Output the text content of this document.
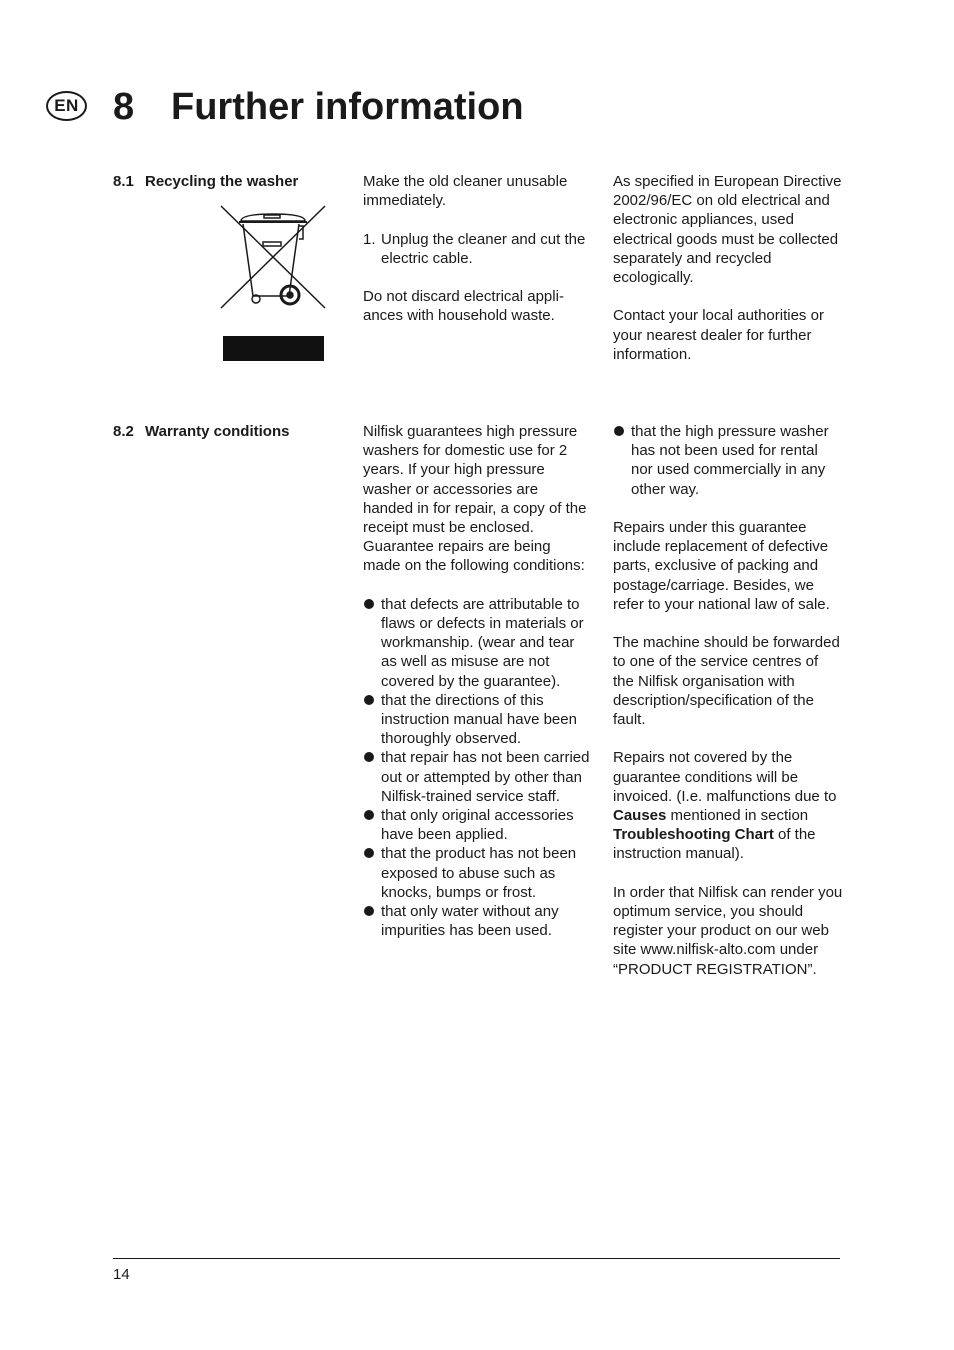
EN 8 Further information
8.1 Recycling the washer	Make the old cleaner unusable immediately.

1. Unplug the cleaner and cut the electric cable.

Do not discard electrical appliances with household waste.

As specified in European Directive 2002/96/EC on old electrical and electronic appliances, used electrical goods must be collected separately and recycled ecologically.

Contact your local authorities or your nearest dealer for further information.

8.2 Warranty conditions	Nilfisk guarantees high pressure washers for domestic use for 2 years. If your high pressure washer or accessories are handed in for repair, a copy of the receipt must be enclosed. Guarantee repairs are being made on the following conditions:

that defects are attributable to flaws or defects in materials or workmanship. (wear and tear as well as misuse are not covered by the guarantee).
that the directions of this instruction manual have been thoroughly observed.
that repair has not been carried out or attempted by other than Nilfisk-trained service staff.
that only original accessories have been applied.
that the product has not been exposed to abuse such as knocks, bumps or frost.
that only water without any impurities has been used.
that the high pressure washer has not been used for rental nor used commercially in any other way.

Repairs under this guarantee include replacement of defective parts, exclusive of packing and postage/carriage. Besides, we refer to your national law of sale.

The machine should be forwarded to one of the service centres of the Nilfisk organisation with description/specification of the fault.

Repairs not covered by the guarantee conditions will be invoiced. (I.e. malfunctions due to Causes mentioned in section Troubleshooting Chart of the instruction manual).

In order that Nilfisk can render you optimum service, you should register your product on our web site www.nilfisk-alto.com under “PRODUCT REGISTRATION”.

14
